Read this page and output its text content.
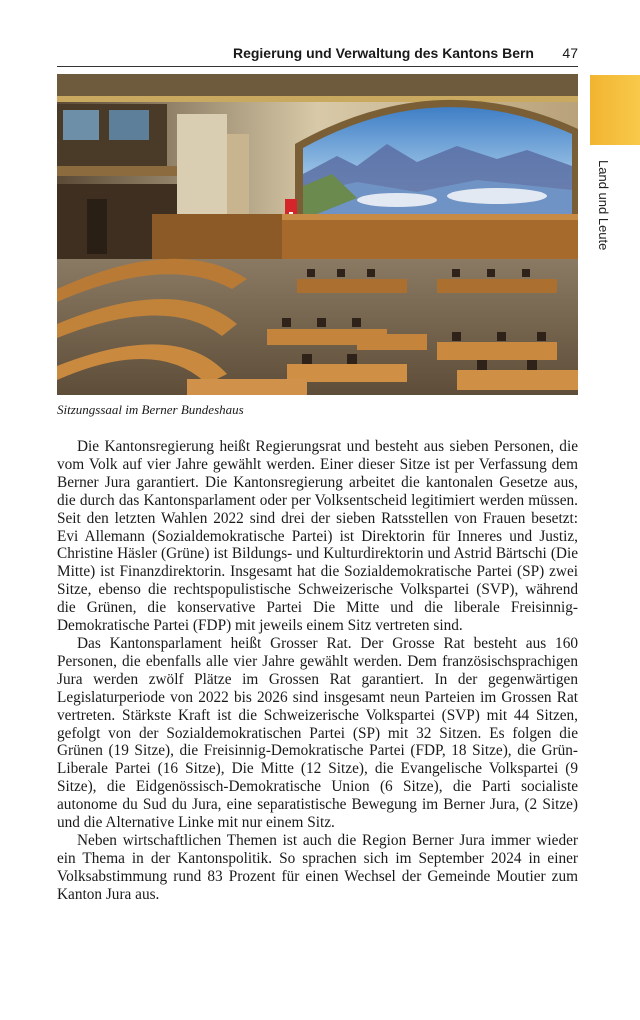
Regierung und Verwaltung des Kantons Bern 47
Land und Leute
Sitzungssaal im Berner Bundeshaus

Die Kantonsregierung heißt Regierungsrat und besteht aus sieben Personen, die vom Volk auf vier Jahre gewählt werden. Einer dieser Sitze ist per Verfassung dem Berner Jura garantiert. Die Kantonsregierung arbeitet die kantonalen Gesetze aus, die durch das Kantonsparlament oder per Volksentscheid legitimiert werden müssen. Seit den letzten Wahlen 2022 sind drei der sieben Ratsstellen von Frauen besetzt: Evi Allemann (Sozialdemokratische Partei) ist Direktorin für Inneres und Justiz, Christine Häsler (Grüne) ist Bildungs- und Kulturdirektorin und Astrid Bärtschi (Die Mitte) ist Finanzdirektorin. Insgesamt hat die Sozialdemokratische Partei (SP) zwei Sitze, ebenso die rechtspopulistische Schweizerische Volkspartei (SVP), während die Grünen, die konservative Partei Die Mitte und die liberale Freisinnig-Demokratische Partei (FDP) mit jeweils einem Sitz vertreten sind.

Das Kantonsparlament heißt Grosser Rat. Der Grosse Rat besteht aus 160 Personen, die ebenfalls alle vier Jahre gewählt werden. Dem französischsprachigen Jura werden zwölf Plätze im Grossen Rat garantiert. In der gegenwärtigen Legislaturperiode von 2022 bis 2026 sind insgesamt neun Parteien im Grossen Rat vertreten. Stärkste Kraft ist die Schweizerische Volkspartei (SVP) mit 44 Sitzen, gefolgt von der Sozialdemokratischen Partei (SP) mit 32 Sitzen. Es folgen die Grünen (19 Sitze), die Freisinnig-Demokratische Partei (FDP, 18 Sitze), die Grün-Liberale Partei (16 Sitze), Die Mitte (12 Sitze), die Evangelische Volkspartei (9 Sitze), die Eidgenössisch-Demokratische Union (6 Sitze), die Parti socialiste autonome du Sud du Jura, eine separatistische Bewegung im Berner Jura, (2 Sitze) und die Alternative Linke mit nur einem Sitz.

Neben wirtschaftlichen Themen ist auch die Region Berner Jura immer wieder ein Thema in der Kantonspolitik. So sprachen sich im September 2024 in einer Volksabstimmung rund 83 Prozent für einen Wechsel der Gemeinde Moutier zum Kanton Jura aus.
